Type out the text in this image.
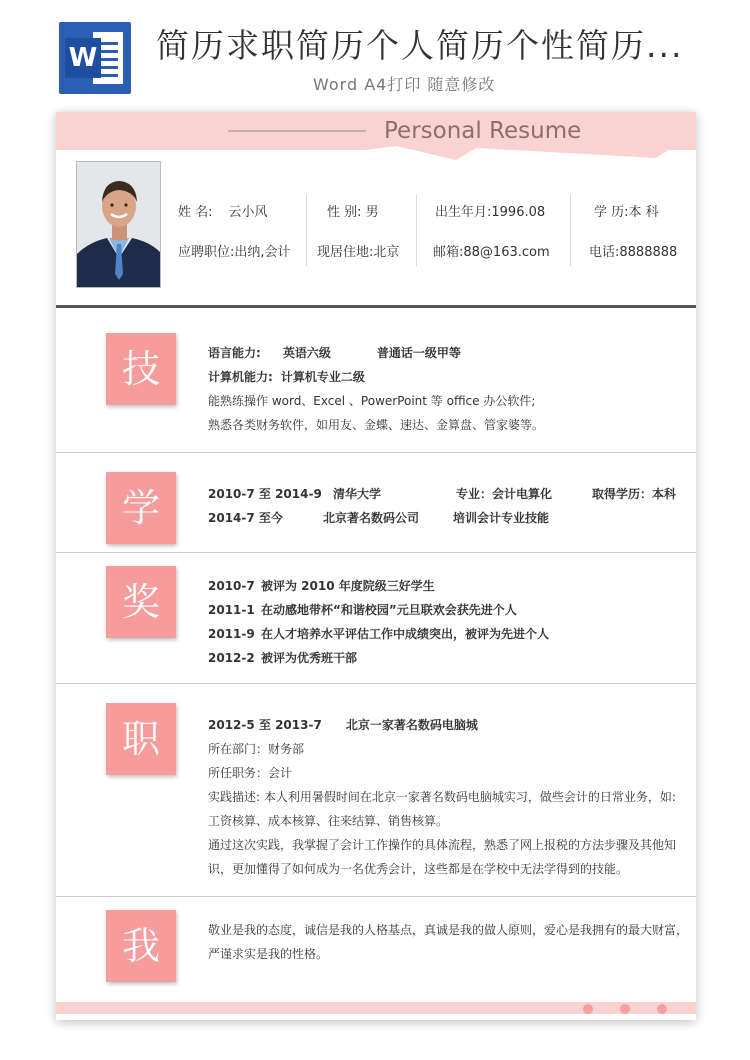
W 简历求职简历个人简历个性简历...
Word A4打印 随意修改
Personal Resume
姓 名: 云小风	性 别: 男	出生年月:1996.08	学 历:本 科
应聘职位:出纳,会计 现居住地:北京	邮箱:88@163.com	电话:8888888
技	语言能力: 英语六级	普通话一级甲等
计算机能力: 计算机专业二级
能熟练操作 word、Excel 、PowerPoint 等 office 办公软件;
熟悉各类财务软件，如用友、金蝶、速达、金算盘、管家婆等。
学	2010-7 至 2014-9 清华大学	专业：会计电算化	取得学历：本科
2014-7 至今	北京著名数码公司	培训会计专业技能
奖	2010-7 被评为 2010 年度院级三好学生
2011-1 在动感地带杯“和谐校园”元旦联欢会获先进个人
2011-9 在人才培养水平评估工作中成绩突出，被评为先进个人
2012-2 被评为优秀班干部
职	2012-5 至 2013-7 北京一家著名数码电脑城
所在部门：财务部
所任职务：会计
实践描述: 本人利用暑假时间在北京一家著名数码电脑城实习，做些会计的日常业务，如:
工资核算、成本核算、往来结算、销售核算。
通过这次实践，我掌握了会计工作操作的具体流程，熟悉了网上报税的方法步骤及其他知
识，更加懂得了如何成为一名优秀会计，这些都是在学校中无法学得到的技能。
我	敬业是我的态度，诚信是我的人格基点，真诚是我的做人原则，爱心是我拥有的最大财富，
严谨求实是我的性格。
